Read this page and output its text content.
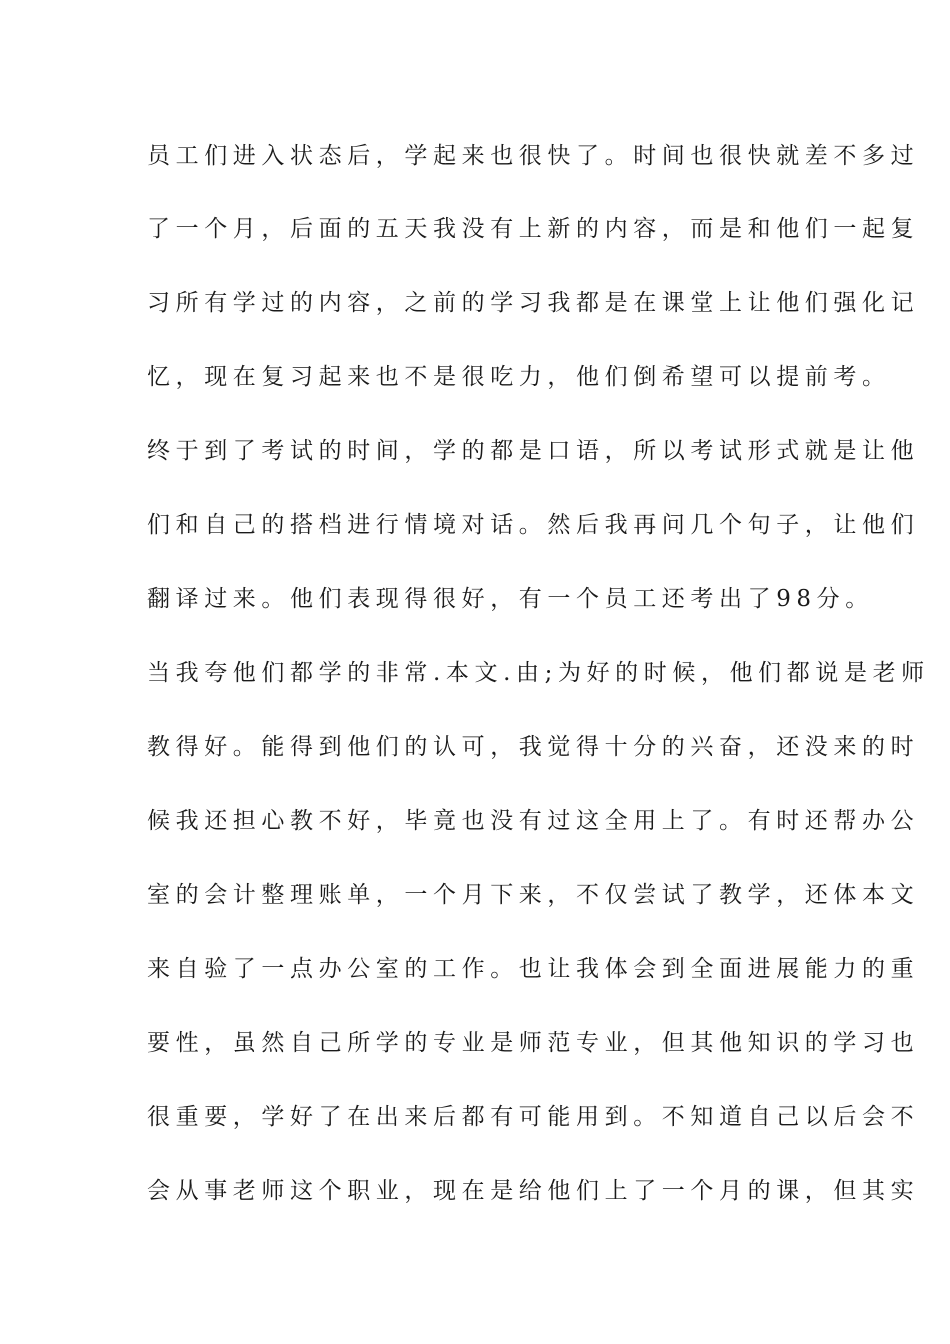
员工们进入状态后，学起来也很快了。时间也很快就差不多过
了一个月，后面的五天我没有上新的内容，而是和他们一起复
习所有学过的内容，之前的学习我都是在课堂上让他们强化记
忆，现在复习起来也不是很吃力，他们倒希望可以提前考。
终于到了考试的时间，学的都是口语，所以考试形式就是让他
们和自己的搭档进行情境对话。然后我再问几个句子，让他们
翻译过来。他们表现得很好，有一个员工还考出了98分。
当我夸他们都学的非常.本文.由;为好的时候，他们都说是老师
教得好。能得到他们的认可，我觉得十分的兴奋，还没来的时
候我还担心教不好，毕竟也没有过这全用上了。有时还帮办公
室的会计整理账单，一个月下来，不仅尝试了教学，还体本文
来自验了一点办公室的工作。也让我体会到全面进展能力的重
要性，虽然自己所学的专业是师范专业，但其他知识的学习也
很重要，学好了在出来后都有可能用到。不知道自己以后会不
会从事老师这个职业，现在是给他们上了一个月的课，但其实
